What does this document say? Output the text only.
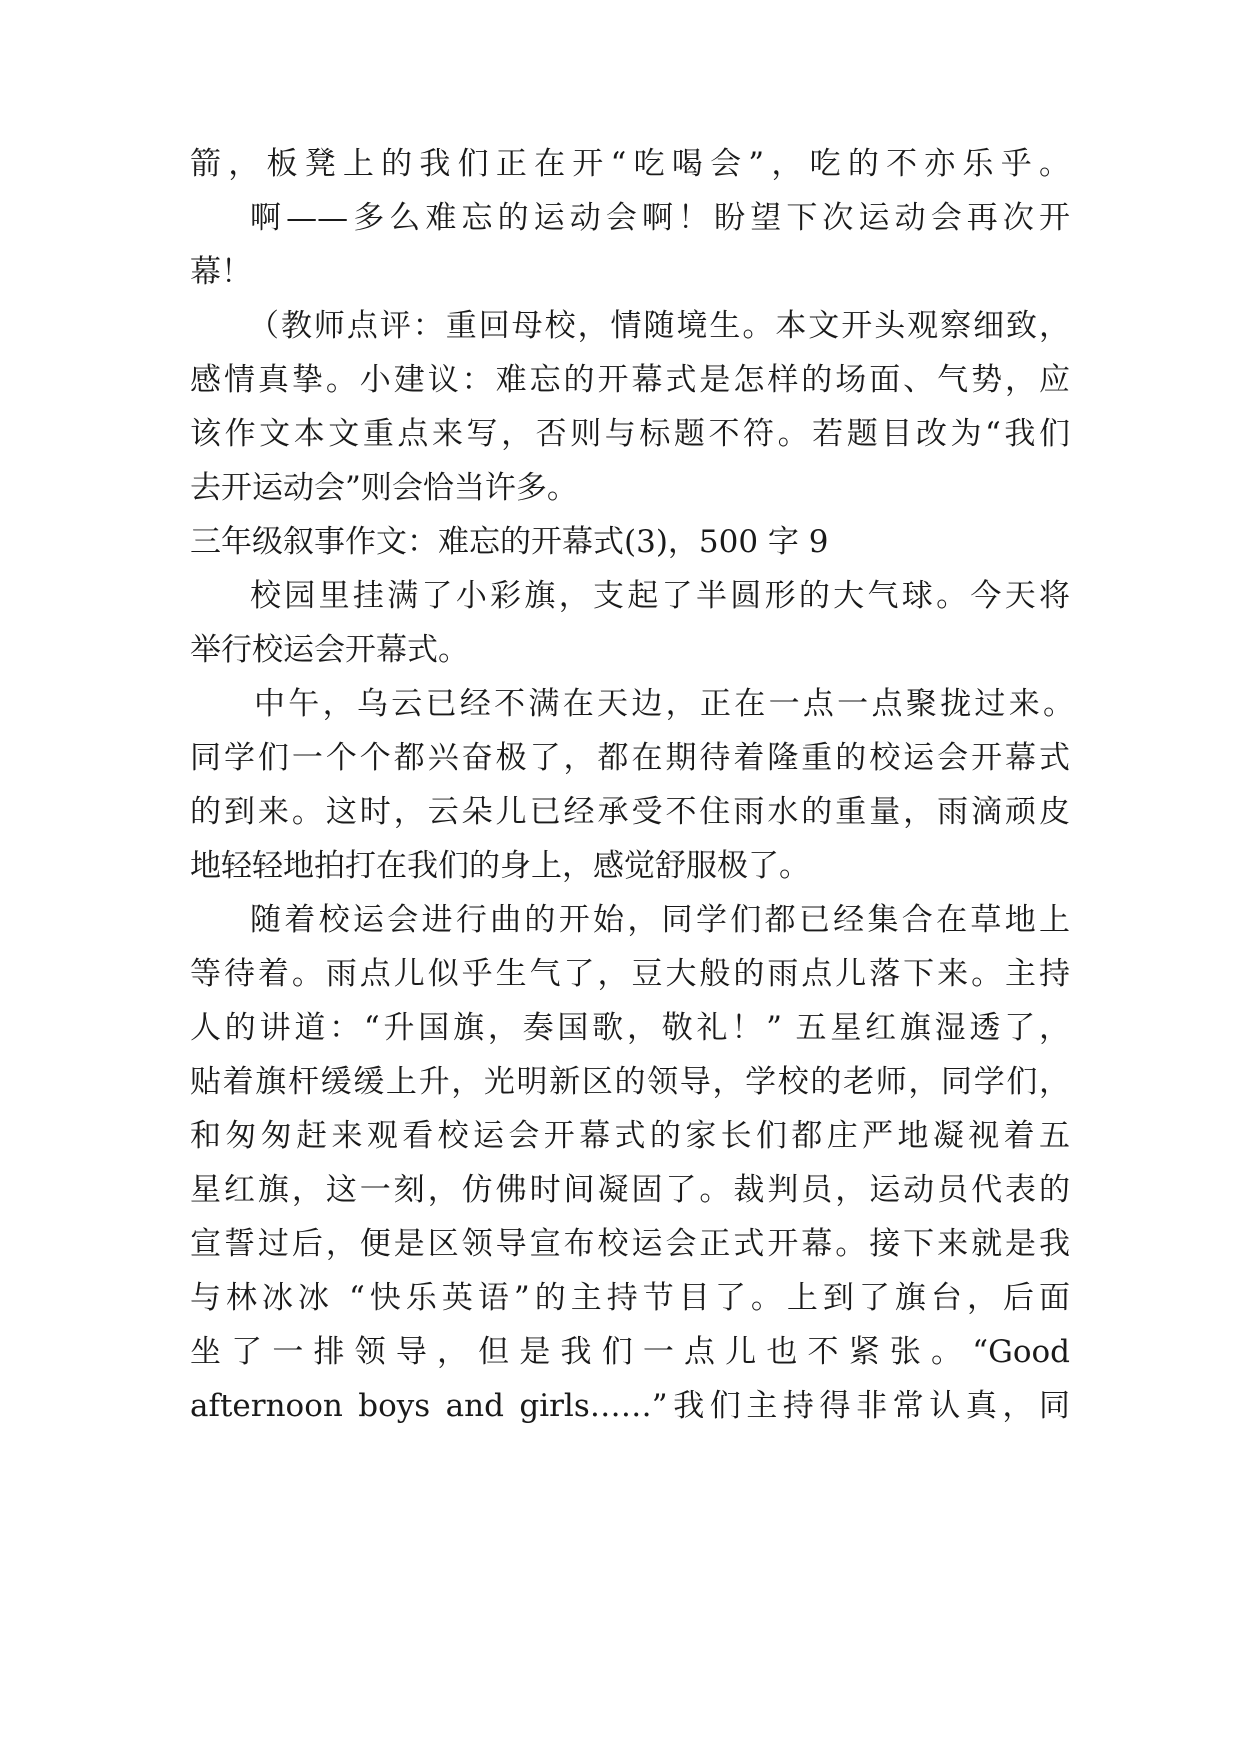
箭，板凳上的我们正在开“吃喝会”，吃的不亦乐乎。
啊——多么难忘的运动会啊！盼望下次运动会再次开
幕！
（教师点评：重回母校，情随境生。本文开头观察细致，
感情真挚。小建议：难忘的开幕式是怎样的场面、气势，应
该作文本文重点来写，否则与标题不符。若题目改为“我们
去开运动会”则会恰当许多。
三年级叙事作文：难忘的开幕式(3)，500 字 9
校园里挂满了小彩旗，支起了半圆形的大气球。今天将
举行校运会开幕式。
中午，乌云已经不满在天边，正在一点一点聚拢过来。
同学们一个个都兴奋极了，都在期待着隆重的校运会开幕式
的到来。这时，云朵儿已经承受不住雨水的重量，雨滴顽皮
地轻轻地拍打在我们的身上，感觉舒服极了。
随着校运会进行曲的开始，同学们都已经集合在草地上
等待着。雨点儿似乎生气了，豆大般的雨点儿落下来。主持
人的讲道：“升国旗，奏国歌，敬礼！” 五星红旗湿透了，
贴着旗杆缓缓上升，光明新区的领导，学校的老师，同学们，
和匆匆赶来观看校运会开幕式的家长们都庄严地凝视着五
星红旗，这一刻，仿佛时间凝固了。裁判员，运动员代表的
宣誓过后，便是区领导宣布校运会正式开幕。接下来就是我
与林冰冰 “快乐英语”的主持节目了。上到了旗台，后面
坐了一排领导，但是我们一点儿也不紧张。“Good
afternoon boys and girls……”我们主持得非常认真，同
